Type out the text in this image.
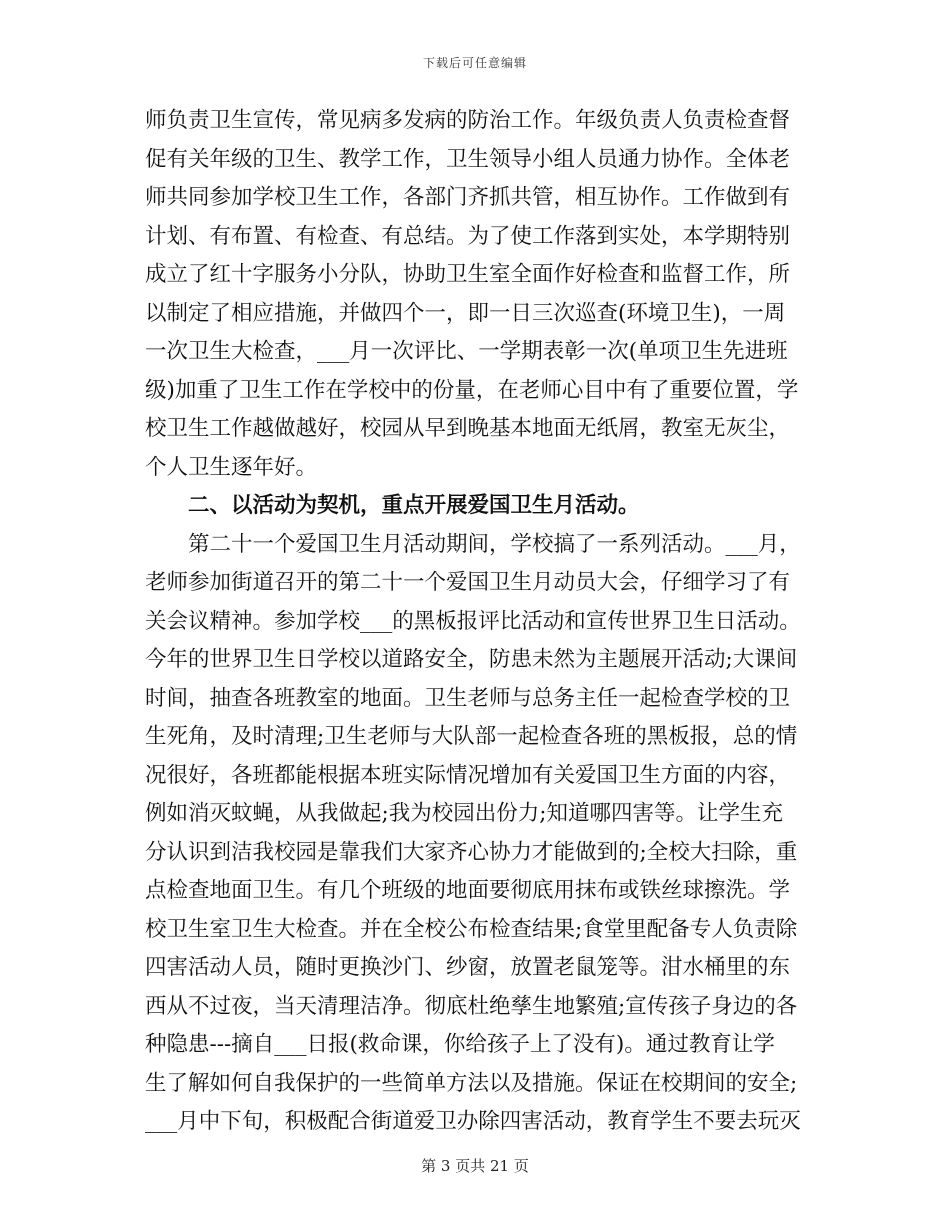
下载后可任意编辑
师负责卫生宣传，常见病多发病的防治工作。年级负责人负责检查督
促有关年级的卫生、教学工作，卫生领导小组人员通力协作。全体老
师共同参加学校卫生工作，各部门齐抓共管，相互协作。工作做到有
计划、有布置、有检查、有总结。为了使工作落到实处，本学期特别
成立了红十字服务小分队，协助卫生室全面作好检查和监督工作，所
以制定了相应措施，并做四个一，即一日三次巡查(环境卫生)，一周
一次卫生大检查，___月一次评比、一学期表彰一次(单项卫生先进班
级)加重了卫生工作在学校中的份量，在老师心目中有了重要位置，学
校卫生工作越做越好，校园从早到晚基本地面无纸屑，教室无灰尘，
个人卫生逐年好。
　　二、以活动为契机，重点开展爱国卫生月活动。
　　第二十一个爱国卫生月活动期间，学校搞了一系列活动。___月，
老师参加街道召开的第二十一个爱国卫生月动员大会，仔细学习了有
关会议精神。参加学校___的黑板报评比活动和宣传世界卫生日活动。
今年的世界卫生日学校以道路安全，防患未然为主题展开活动;大课间
时间，抽查各班教室的地面。卫生老师与总务主任一起检查学校的卫
生死角，及时清理;卫生老师与大队部一起检查各班的黑板报，总的情
况很好，各班都能根据本班实际情况增加有关爱国卫生方面的内容，
例如消灭蚊蝇，从我做起;我为校园出份力;知道哪四害等。让学生充
分认识到洁我校园是靠我们大家齐心协力才能做到的;全校大扫除，重
点检查地面卫生。有几个班级的地面要彻底用抹布或铁丝球擦洗。学
校卫生室卫生大检查。并在全校公布检查结果;食堂里配备专人负责除
四害活动人员，随时更换沙门、纱窗，放置老鼠笼等。泔水桶里的东
西从不过夜，当天清理洁净。彻底杜绝孳生地繁殖;宣传孩子身边的各
种隐患---摘自___日报(救命课，你给孩子上了没有)。通过教育让学
生了解如何自我保护的一些简单方法以及措施。保证在校期间的安全;
___月中下旬，积极配合街道爱卫办除四害活动，教育学生不要去玩灭
第 3 页共 21 页
